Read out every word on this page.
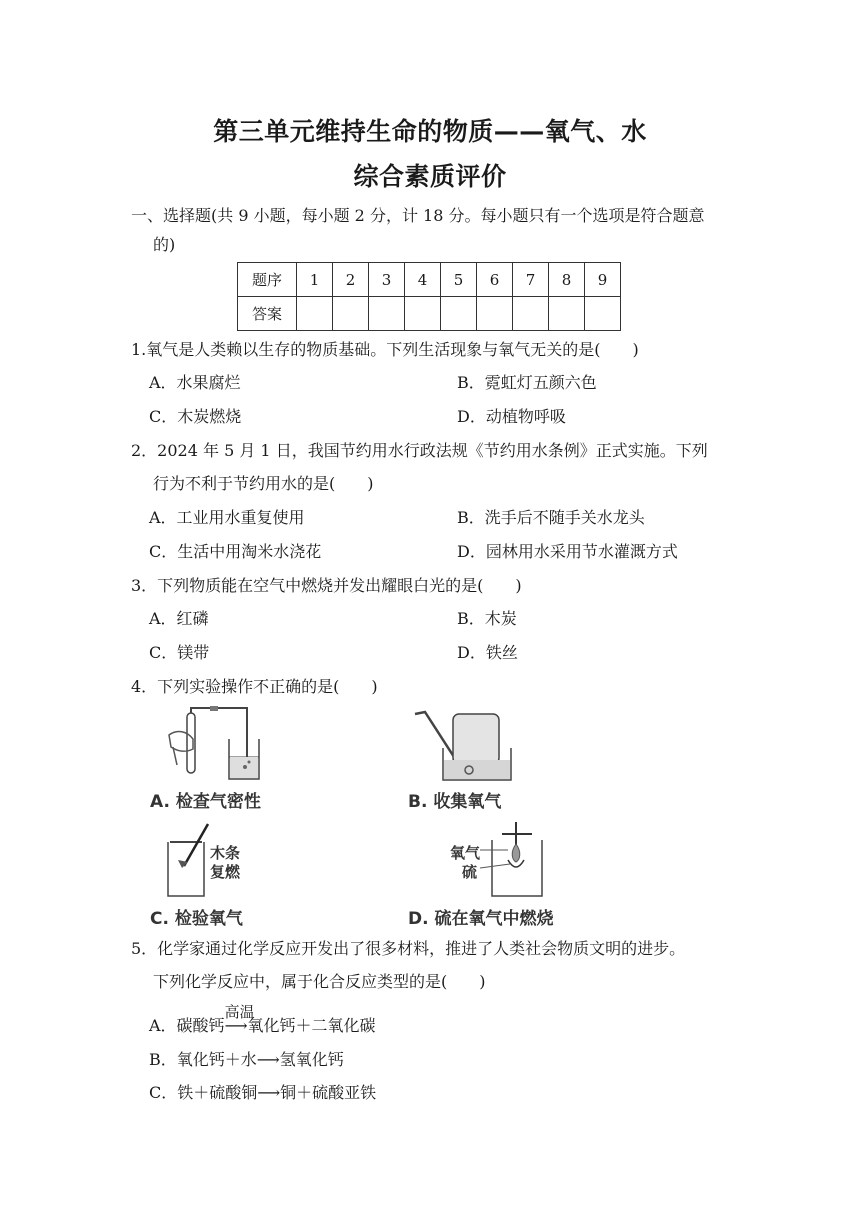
第三单元维持生命的物质——氧气、水
综合素质评价
一、选择题(共 9 小题，每小题 2 分，计 18 分。每小题只有一个选项是符合题意
的)
题序	1	2	3	4	5	6	7	8	9
答案									
1.氧气是人类赖以生存的物质基础。下列生活现象与氧气无关的是(　　)
A．水果腐烂	B．霓虹灯五颜六色
C．木炭燃烧	D．动植物呼吸
2．2024 年 5 月 1 日，我国节约用水行政法规《节约用水条例》正式实施。下列
行为不利于节约用水的是(　　)
A．工业用水重复使用	B．洗手后不随手关水龙头
C．生活中用淘米水浇花	D．园林用水采用节水灌溉方式
3．下列物质能在空气中燃烧并发出耀眼白光的是(　　)
A．红磷	B．木炭
C．镁带	D．铁丝
4．下列实验操作不正确的是(　　)
A. 检查气密性	B. 收集氧气
木条
复燃
C. 检验氧气
氧气
硫
D. 硫在氧气中燃烧
5．化学家通过化学反应开发出了很多材料，推进了人类社会物质文明的进步。
下列化学反应中，属于化合反应类型的是(　　)
A．碳酸钙
高温
⟶氧化钙＋二氧化碳
B．氧化钙＋水⟶氢氧化钙
C．铁＋硫酸铜⟶铜＋硫酸亚铁
